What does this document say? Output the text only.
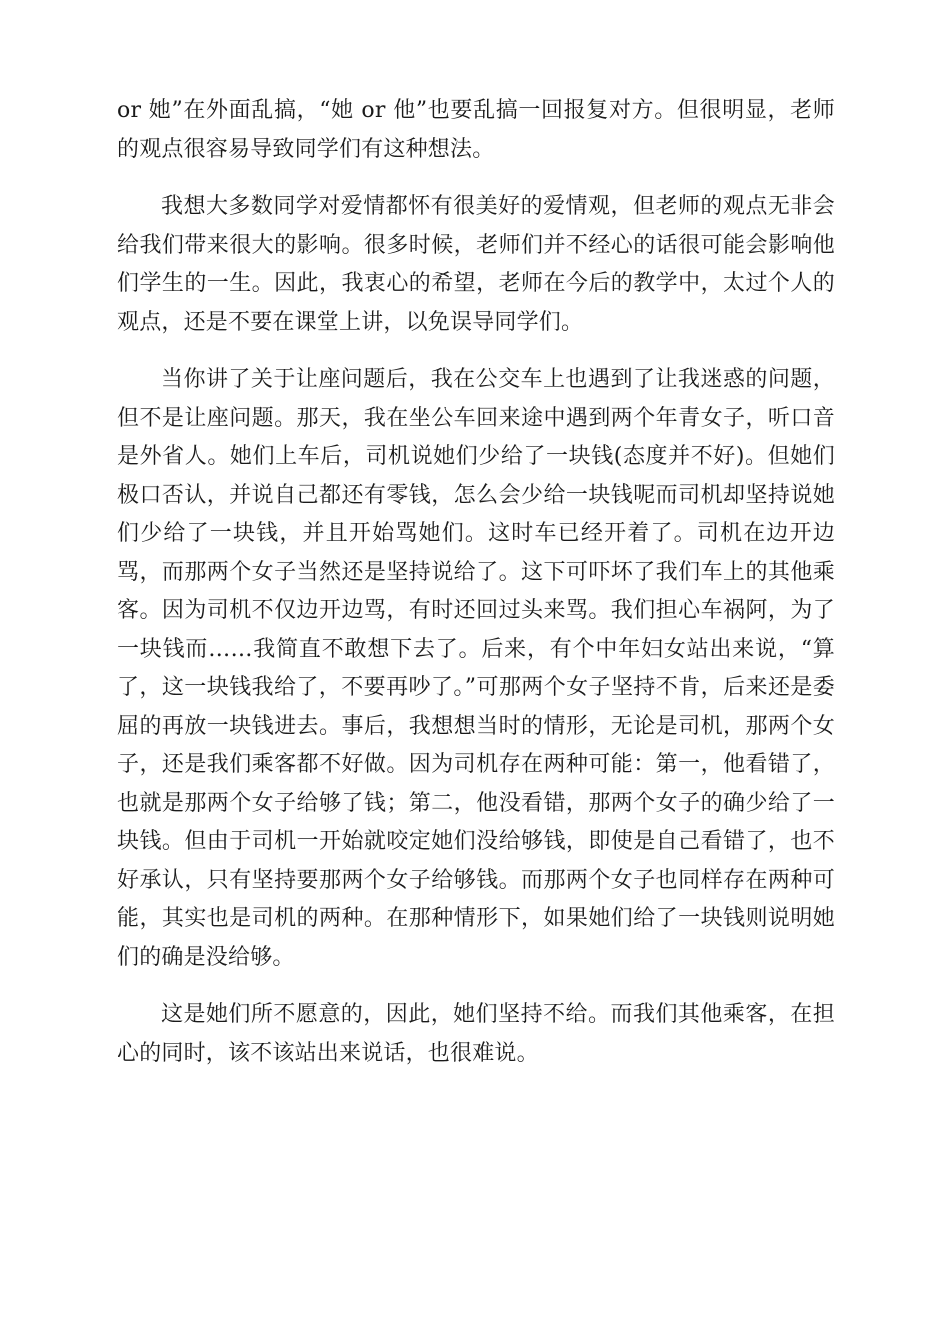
or 她”在外面乱搞，“她 or 他”也要乱搞一回报复对方。但很明显，老师的观点很容易导致同学们有这种想法。

我想大多数同学对爱情都怀有很美好的爱情观，但老师的观点无非会给我们带来很大的影响。很多时候，老师们并不经心的话很可能会影响他们学生的一生。因此，我衷心的希望，老师在今后的教学中，太过个人的观点，还是不要在课堂上讲，以免误导同学们。

当你讲了关于让座问题后，我在公交车上也遇到了让我迷惑的问题，但不是让座问题。那天，我在坐公车回来途中遇到两个年青女子，听口音是外省人。她们上车后，司机说她们少给了一块钱(态度并不好)。但她们极口否认，并说自己都还有零钱，怎么会少给一块钱呢而司机却坚持说她们少给了一块钱，并且开始骂她们。这时车已经开着了。司机在边开边骂，而那两个女子当然还是坚持说给了。这下可吓坏了我们车上的其他乘客。因为司机不仅边开边骂，有时还回过头来骂。我们担心车祸阿，为了一块钱而……我简直不敢想下去了。后来，有个中年妇女站出来说，“算了，这一块钱我给了，不要再吵了。”可那两个女子坚持不肯，后来还是委屈的再放一块钱进去。事后，我想想当时的情形，无论是司机，那两个女子，还是我们乘客都不好做。因为司机存在两种可能：第一，他看错了，也就是那两个女子给够了钱；第二，他没看错，那两个女子的确少给了一块钱。但由于司机一开始就咬定她们没给够钱，即使是自己看错了，也不好承认，只有坚持要那两个女子给够钱。而那两个女子也同样存在两种可能，其实也是司机的两种。在那种情形下，如果她们给了一块钱则说明她们的确是没给够。

这是她们所不愿意的，因此，她们坚持不给。而我们其他乘客，在担心的同时，该不该站出来说话，也很难说。
